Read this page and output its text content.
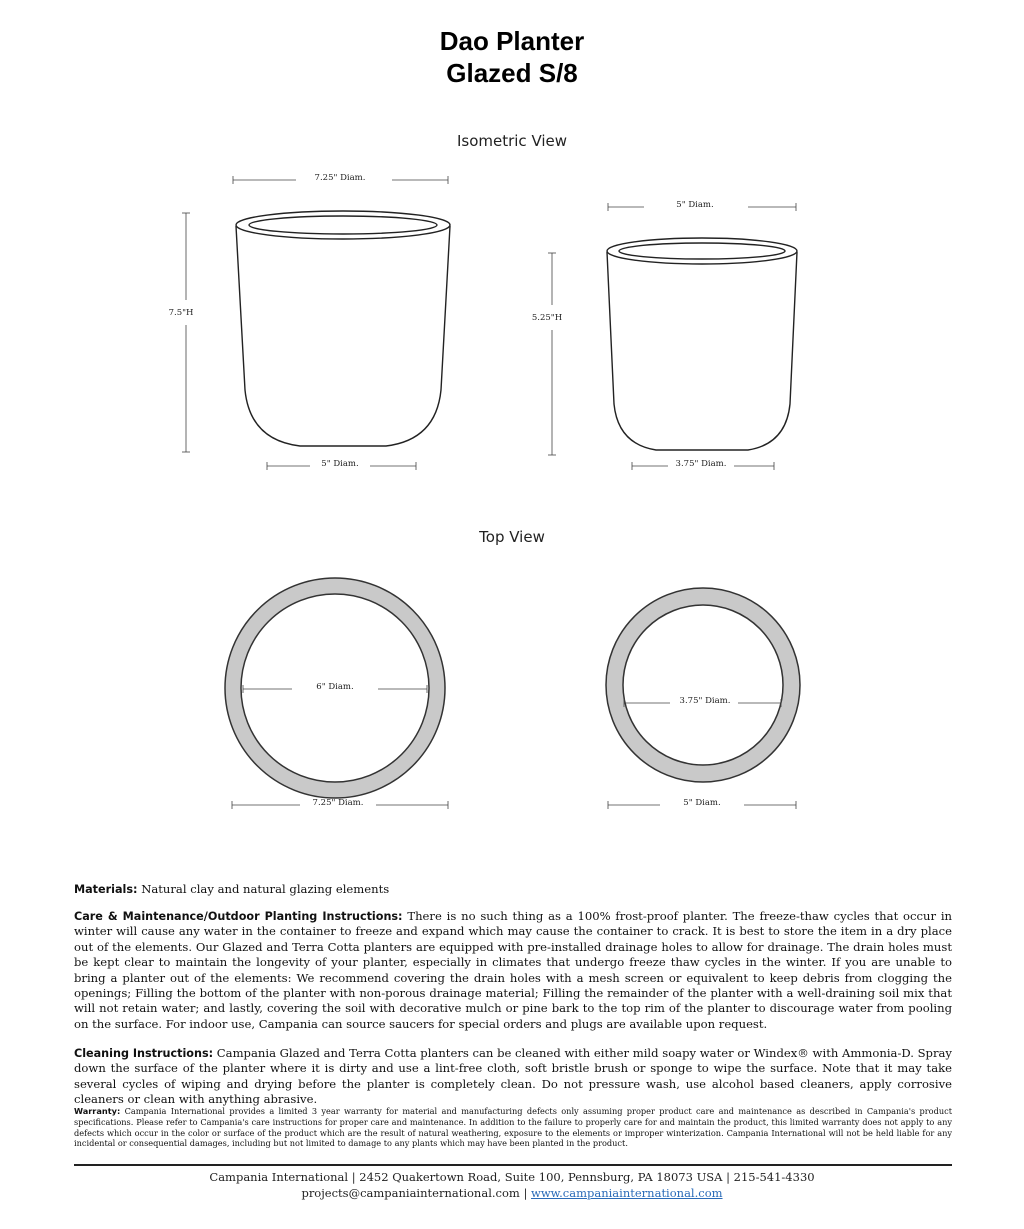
Dao Planter
Glazed S/8
Isometric View
Top View
7.25" Diam.
7.5"H
5" Diam.
5" Diam.
5.25"H
3.75" Diam.
6" Diam.
7.25" Diam.
3.75" Diam.
5" Diam.
Materials: Natural clay and natural glazing elements
Care & Maintenance/Outdoor Planting Instructions: There is no such thing as a 100% frost-proof planter. The freeze-thaw cycles that occur in winter will cause any water in the container to freeze and expand which may cause the container to crack. It is best to store the item in a dry place out of the elements. Our Glazed and Terra Cotta planters are equipped with pre-installed drainage holes to allow for drainage. The drain holes must be kept clear to maintain the longevity of your planter, especially in climates that undergo freeze thaw cycles in the winter. If you are unable to bring a planter out of the elements: We recommend covering the drain holes with a mesh screen or equivalent to keep debris from clogging the openings; Filling the bottom of the planter with non-porous drainage material; Filling the remainder of the planter with a well-draining soil mix that will not retain water; and lastly, covering the soil with decorative mulch or pine bark to the top rim of the planter to discourage water from pooling on the surface. For indoor use, Campania can source saucers for special orders and plugs are available upon request.
Cleaning Instructions: Campania Glazed and Terra Cotta planters can be cleaned with either mild soapy water or Windex® with Ammonia-D. Spray down the surface of the planter where it is dirty and use a lint-free cloth, soft bristle brush or sponge to wipe the surface. Note that it may take several cycles of wiping and drying before the planter is completely clean. Do not pressure wash, use alcohol based cleaners, apply corrosive cleaners or clean with anything abrasive.
Warranty: Campania International provides a limited 3 year warranty for material and manufacturing defects only assuming proper product care and maintenance as described in Campania's product specifications. Please refer to Campania's care instructions for proper care and maintenance. In addition to the failure to properly care for and maintain the product, this limited warranty does not apply to any defects which occur in the color or surface of the product which are the result of natural weathering, exposure to the elements or improper winterization. Campania International will not be held liable for any incidental or consequential damages, including but not limited to damage to any plants which may have been planted in the product.
Campania International | 2452 Quakertown Road, Suite 100, Pennsburg, PA 18073 USA | 215-541-4330
projects@campaniainternational.com | www.campaniainternational.com
